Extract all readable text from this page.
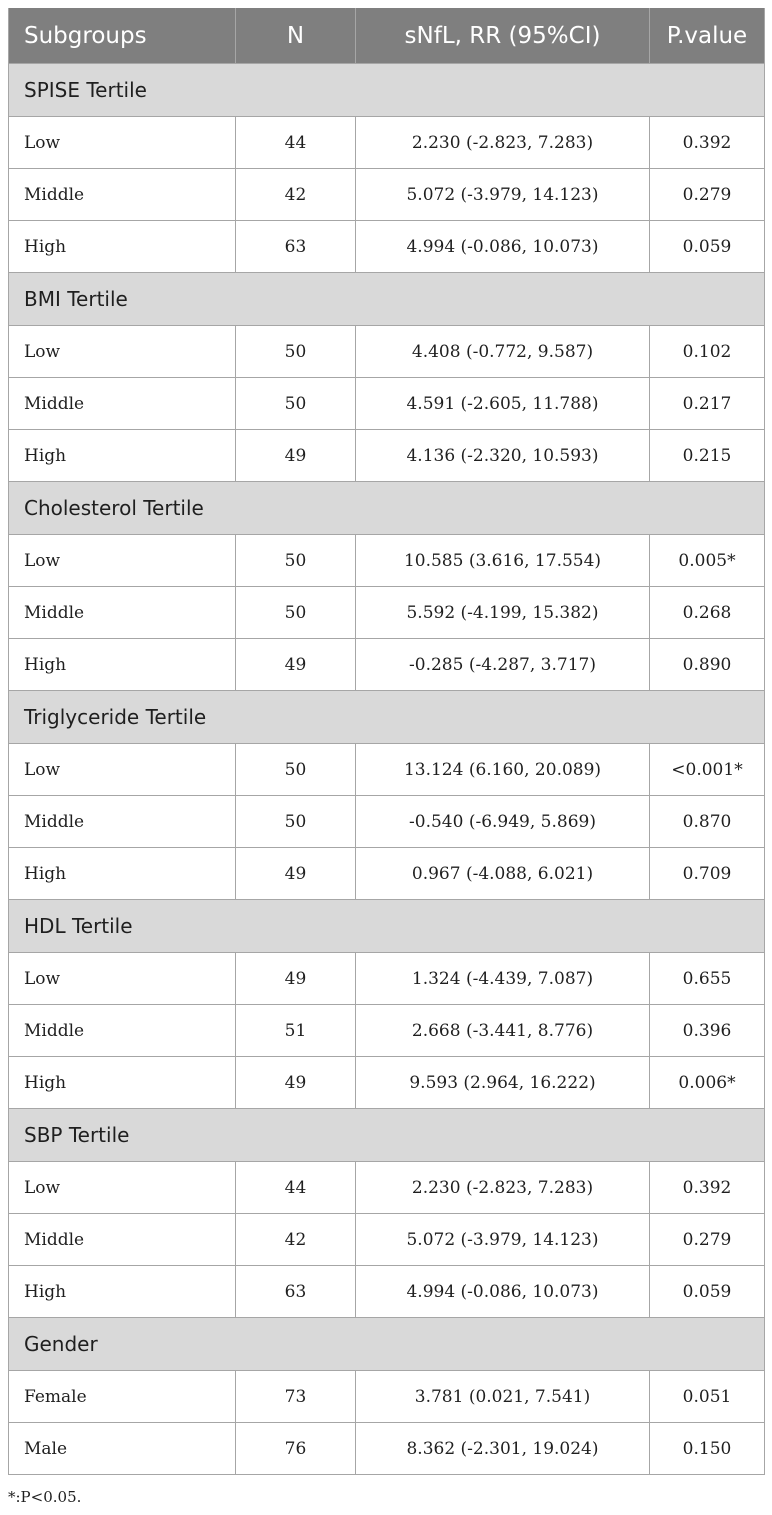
Subgroups	N	sNfL, RR (95%CI)	P.value
SPISE Tertile			
Low	44	2.230 (-2.823, 7.283)	0.392
Middle	42	5.072 (-3.979, 14.123)	0.279
High	63	4.994 (-0.086, 10.073)	0.059
BMI Tertile			
Low	50	4.408 (-0.772, 9.587)	0.102
Middle	50	4.591 (-2.605, 11.788)	0.217
High	49	4.136 (-2.320, 10.593)	0.215
Cholesterol Tertile			
Low	50	10.585 (3.616, 17.554)	0.005*
Middle	50	5.592 (-4.199, 15.382)	0.268
High	49	-0.285 (-4.287, 3.717)	0.890
Triglyceride Tertile			
Low	50	13.124 (6.160, 20.089)	<0.001*
Middle	50	-0.540 (-6.949, 5.869)	0.870
High	49	0.967 (-4.088, 6.021)	0.709
HDL Tertile			
Low	49	1.324 (-4.439, 7.087)	0.655
Middle	51	2.668 (-3.441, 8.776)	0.396
High	49	9.593 (2.964, 16.222)	0.006*
SBP Tertile			
Low	44	2.230 (-2.823, 7.283)	0.392
Middle	42	5.072 (-3.979, 14.123)	0.279
High	63	4.994 (-0.086, 10.073)	0.059
Gender			
Female	73	3.781 (0.021, 7.541)	0.051
Male	76	8.362 (-2.301, 19.024)	0.150
*:P<0.05.
